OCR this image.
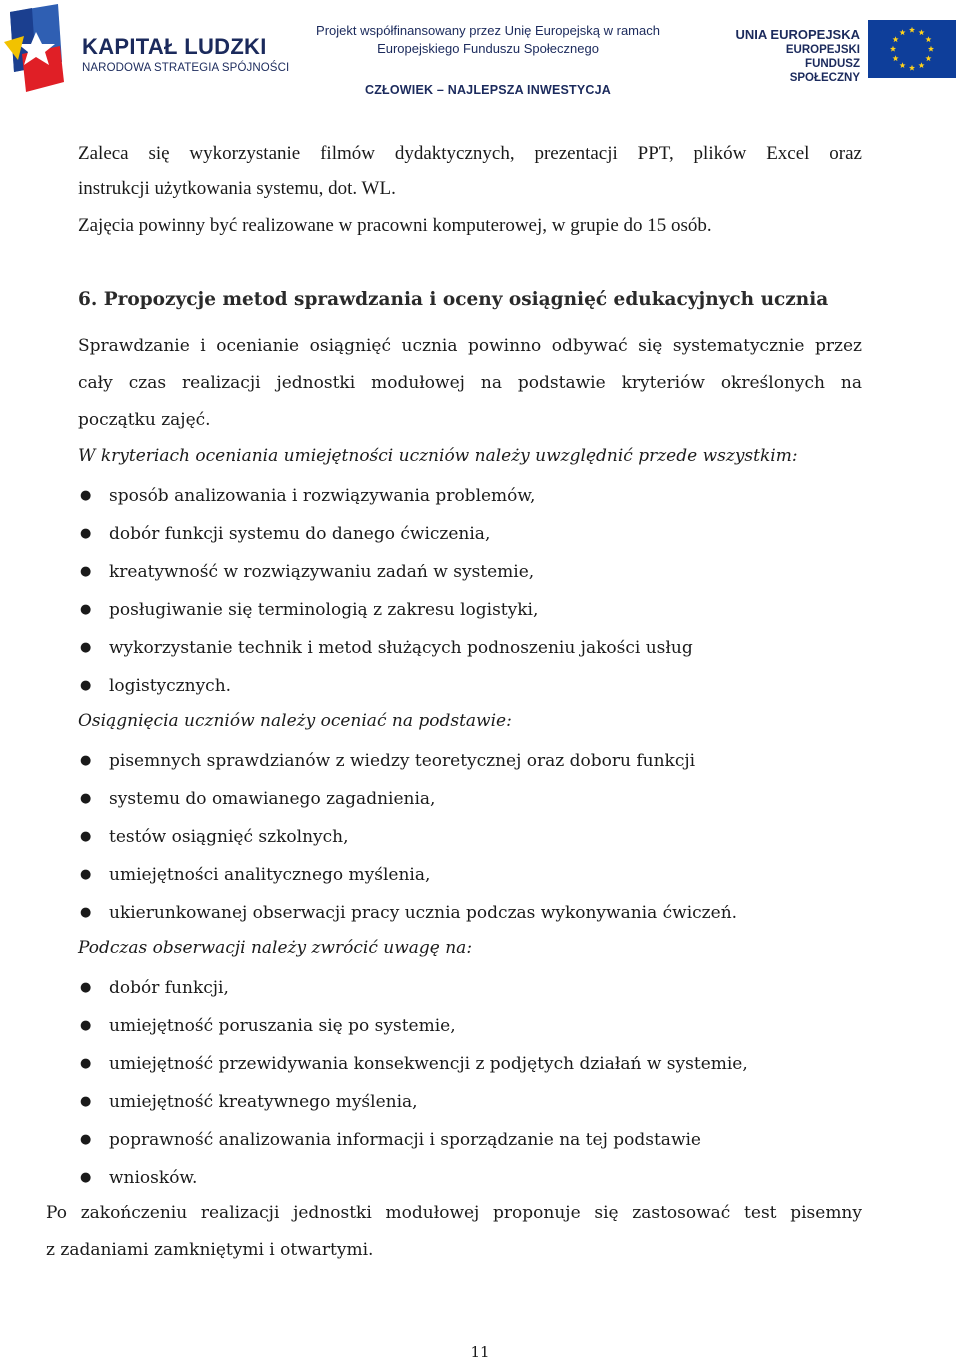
KAPITAŁ LUDZKI
NARODOWA STRATEGIA SPÓJNOŚCI
Projekt współfinansowany przez Unię Europejską w ramach
Europejskiego Funduszu Społecznego
CZŁOWIEK – NAJLEPSZA INWESTYCJA
UNIA EUROPEJSKA
EUROPEJSKI
FUNDUSZ SPOŁECZNY
Zaleca się wykorzystanie filmów dydaktycznych, prezentacji PPT, plików Excel oraz
instrukcji użytkowania systemu, dot. WL.
Zajęcia powinny być realizowane w pracowni komputerowej, w grupie do 15 osób.
6. Propozycje metod sprawdzania i oceny osiągnięć edukacyjnych ucznia
Sprawdzanie i ocenianie osiągnięć ucznia powinno odbywać się systematycznie przez
cały czas realizacji jednostki modułowej na podstawie kryteriów określonych na
początku zajęć.
W kryteriach oceniania umiejętności uczniów należy uwzględnić przede wszystkim:
●	sposób analizowania i rozwiązywania problemów,
●	dobór funkcji systemu do danego ćwiczenia,
●	kreatywność w rozwiązywaniu zadań w systemie,
●	posługiwanie się terminologią z zakresu logistyki,
●	wykorzystanie technik i metod służących podnoszeniu jakości usług
●	logistycznych.
Osiągnięcia uczniów należy oceniać na podstawie:
●	pisemnych sprawdzianów z wiedzy teoretycznej oraz doboru funkcji
●	systemu do omawianego zagadnienia,
●	testów osiągnięć szkolnych,
●	umiejętności analitycznego myślenia,
●	ukierunkowanej obserwacji pracy ucznia podczas wykonywania ćwiczeń.
Podczas obserwacji należy zwrócić uwagę na:
●	dobór funkcji,
●	umiejętność poruszania się po systemie,
●	umiejętność przewidywania konsekwencji z podjętych działań w systemie,
●	umiejętność kreatywnego myślenia,
●	poprawność analizowania informacji i sporządzanie na tej podstawie
●	wniosków.
Po zakończeniu realizacji jednostki modułowej proponuje się zastosować test pisemny
z zadaniami zamkniętymi i otwartymi.
11
